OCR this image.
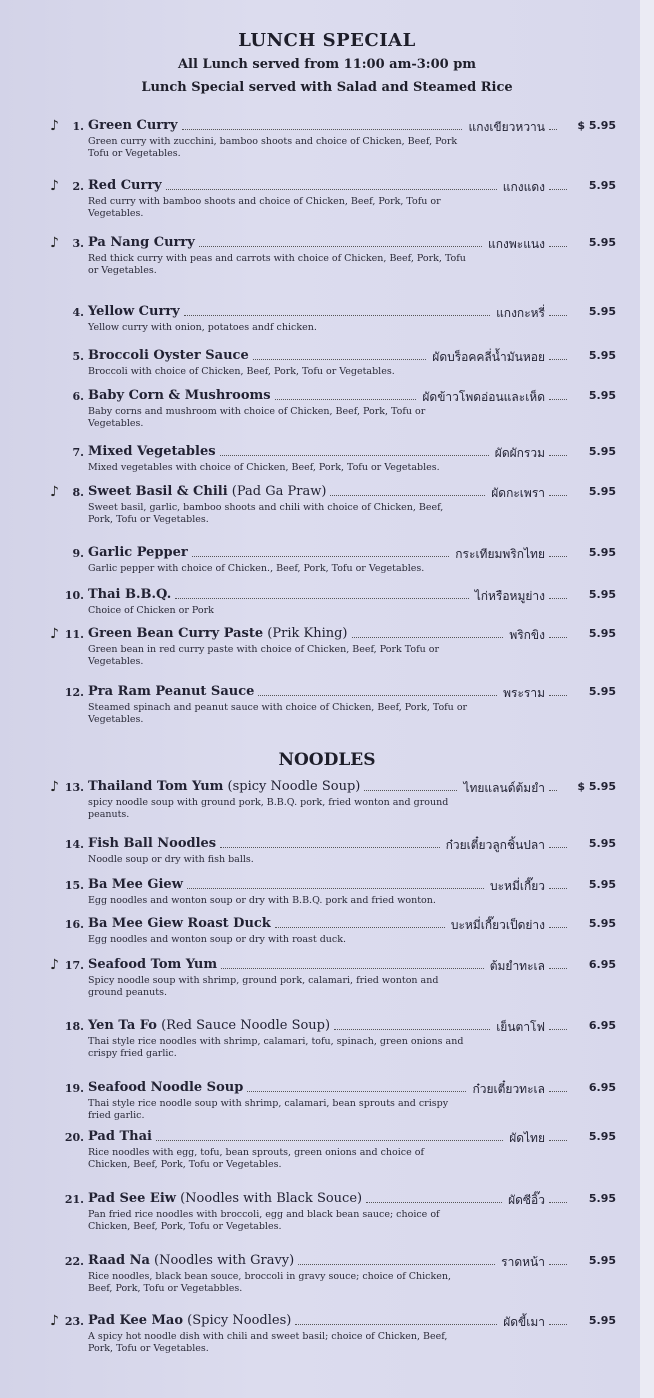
LUNCH SPECIAL
All Lunch served from 11:00 am-3:00 pm
Lunch Special served with Salad and Steamed Rice
NOODLES
♪ 1. Green Curry	แกงเขียวหวาน	$ 5.95
Green curry with zucchini, bamboo shoots and choice of Chicken, Beef, Pork Tofu or Vegetables.
♪ 2. Red Curry	แกงแดง	5.95
Red curry with bamboo shoots and choice of Chicken, Beef, Pork, Tofu or Vegetables.
♪ 3. Pa Nang Curry	แกงพะแนง	5.95
Red thick curry with peas and carrots with choice of Chicken, Beef, Pork, Tofu or Vegetables.
4. Yellow Curry	แกงกะหรี่	5.95
Yellow curry with onion, potatoes andf chicken.
5. Broccoli Oyster Sauce	ผัดบร็อคคลี่น้ำมันหอย	5.95
Broccoli with choice of Chicken, Beef, Pork, Tofu or Vegetables.
6. Baby Corn & Mushrooms	ผัดข้าวโพดอ่อนและเห็ด	5.95
Baby corns and mushroom with choice of Chicken, Beef, Pork, Tofu or Vegetables.
7. Mixed Vegetables	ผัดผักรวม	5.95
Mixed vegetables with choice of Chicken, Beef, Pork, Tofu or Vegetables.
♪ 8. Sweet Basil & Chili (Pad Ga Praw)	ผัดกะเพรา	5.95
Sweet basil, garlic, bamboo shoots and chili with choice of Chicken, Beef, Pork, Tofu or Vegetables.
9. Garlic Pepper	กระเทียมพริกไทย	5.95
Garlic pepper with choice of Chicken., Beef, Pork, Tofu or Vegetables.
10. Thai B.B.Q.	ไก่หรือหมูย่าง	5.95
Choice of Chicken or Pork
♪ 11. Green Bean Curry Paste (Prik Khing)	พริกขิง	5.95
Green bean in red curry paste with choice of Chicken, Beef, Pork Tofu or Vegetables.
12. Pra Ram Peanut Sauce	พระราม	5.95
Steamed spinach and peanut sauce with choice of Chicken, Beef, Pork, Tofu or Vegetables.
♪ 13. Thailand Tom Yum (spicy Noodle Soup)	ไทยแลนด์ต้มยำ	$ 5.95
spicy noodle soup with ground pork, B.B.Q. pork, fried wonton and ground peanuts.
14. Fish Ball Noodles	ก๋วยเตี๋ยวลูกชิ้นปลา	5.95
Noodle soup or dry with fish balls.
15. Ba Mee Giew	บะหมี่เกี๊ยว	5.95
Egg noodles and wonton soup or dry with B.B.Q. pork and fried wonton.
16. Ba Mee Giew Roast Duck	บะหมี่เกี๊ยวเป็ดย่าง	5.95
Egg noodles and wonton soup or dry with roast duck.
♪ 17. Seafood Tom Yum	ต้มยำทะเล	6.95
Spicy noodle soup with shrimp, ground pork, calamari, fried wonton and ground peanuts.
18. Yen Ta Fo (Red Sauce Noodle Soup)	เย็นตาโฟ	6.95
Thai style rice noodles with shrimp, calamari, tofu, spinach, green onions and crispy fried garlic.
19. Seafood Noodle Soup	ก๋วยเตี๋ยวทะเล	6.95
Thai style rice noodle soup with shrimp, calamari, bean sprouts and crispy fried garlic.
20. Pad Thai	ผัดไทย	5.95
Rice noodles with egg, tofu, bean sprouts, green onions and choice of Chicken, Beef, Pork, Tofu or Vegetables.
21. Pad See Eiw (Noodles with Black Souce)	ผัดซีอิ๊ว	5.95
Pan fried rice noodles with broccoli, egg and black bean sauce; choice of Chicken, Beef, Pork, Tofu or Vegetables.
22. Raad Na (Noodles with Gravy)	ราดหน้า	5.95
Rice noodles, black bean souce, broccoli in gravy souce; choice of Chicken, Beef, Pork, Tofu or Vegetabbles.
♪ 23. Pad Kee Mao (Spicy Noodles)	ผัดขี้เมา	5.95
A spicy hot noodle dish with chili and sweet basil; choice of Chicken, Beef, Pork, Tofu or Vegetables.
